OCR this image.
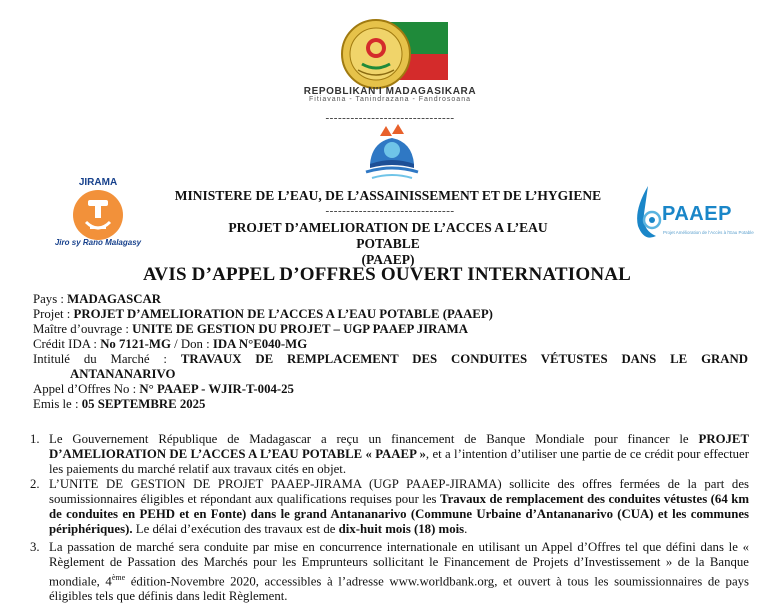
REPOBLIKAN'I MADAGASIKARA
Fitiavana - Tanindrazana - Fandrosoana
-------------------------------
JIRAMA
Jiro sy Rano Malagasy
PAAEP
Projet Amélioration de l'Accès à l'Eau Potable
MINISTERE DE L’EAU, DE L’ASSAINISSEMENT ET DE L’HYGIENE
-------------------------------
PROJET D’AMELIORATION DE L’ACCES A L’EAU POTABLE
(PAAEP)
AVIS D’APPEL D’OFFRES OUVERT INTERNATIONAL
Pays : MADAGASCAR
Projet : PROJET D’AMELIORATION DE L’ACCES A L’EAU POTABLE (PAAEP)
Maître d’ouvrage : UNITE DE GESTION DU PROJET – UGP PAAEP JIRAMA
Crédit IDA : No 7121-MG / Don : IDA N°E040-MG
Intitulé du Marché : TRAVAUX DE REMPLACEMENT DES CONDUITES VÉTUSTES DANS LE GRAND
ANTANANARIVO
Appel d’Offres No : N° PAAEP - WJIR-T-004-25
Emis le : 05 SEPTEMBRE 2025
1. Le Gouvernement République de Madagascar a reçu un financement de Banque Mondiale pour financer le PROJET D’AMELIORATION DE L’ACCES A L’EAU POTABLE « PAAEP », et a l’intention d’utiliser une partie de ce crédit pour effectuer les paiements du marché relatif aux travaux cités en objet.
2. L’UNITE DE GESTION DE PROJET PAAEP-JIRAMA (UGP PAAEP-JIRAMA) sollicite des offres fermées de la part des soumissionnaires éligibles et répondant aux qualifications requises pour les Travaux de remplacement des conduites vétustes (64 km de conduites en PEHD et en Fonte) dans le grand Antananarivo (Commune Urbaine d’Antananarivo (CUA) et les communes périphériques). Le délai d’exécution des travaux est de dix-huit mois (18) mois.
3. La passation de marché sera conduite par mise en concurrence internationale en utilisant un Appel d’Offres tel que défini dans le « Règlement de Passation des Marchés pour les Emprunteurs sollicitant le Financement de Projets d’Investissement » de la Banque mondiale, 4ème édition-Novembre 2020, accessibles à l’adresse www.worldbank.org, et ouvert à tous les soumissionnaires de pays éligibles tels que définis dans ledit Règlement.
